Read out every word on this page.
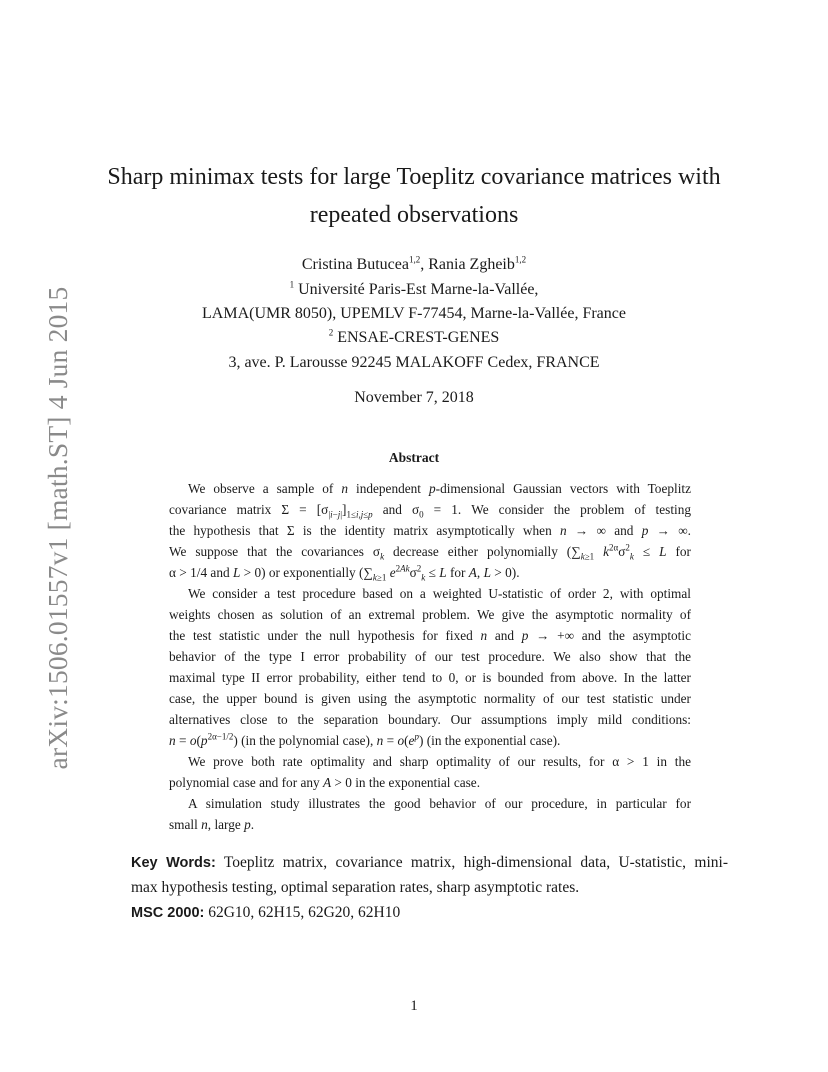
arXiv:1506.01557v1 [math.ST] 4 Jun 2015
Sharp minimax tests for large Toeplitz covariance matrices with
repeated observations
Cristina Butucea$^{1,2}$, Rania Zgheib$^{1,2}$
$^1$ Université Paris-Est Marne-la-Vallée,
LAMA(UMR 8050), UPEMLV F-77454, Marne-la-Vallée, France
$^2$ ENSAE-CREST-GENES
3, ave. P. Larousse 92245 MALAKOFF Cedex, FRANCE
November 7, 2018
Abstract
We observe a sample of n independent p-dimensional Gaussian vectors with Toeplitz
covariance matrix $\Sigma = [\sigma_{|i-j|}]_{1\le i,j\le p}$ and $\sigma_0 = 1$. We consider the problem of testing
the hypothesis that Σ is the identity matrix asymptotically when n → ∞ and p → ∞.
We suppose that the covariances $\sigma_k$ decrease either polynomially ($\sum_{k\ge 1}$ $k^{2\alpha}\sigma^2_k \le L$ for
α > 1/4 and L > 0) or exponentially ($\sum_{k\ge 1}$ $e^{2Ak}\sigma^2_k \le L$ for A, L > 0).
We consider a test procedure based on a weighted U-statistic of order 2, with optimal
weights chosen as solution of an extremal problem. We give the asymptotic normality of
the test statistic under the null hypothesis for fixed n and p → +∞ and the asymptotic
behavior of the type I error probability of our test procedure. We also show that the
maximal type II error probability, either tend to 0, or is bounded from above. In the latter
case, the upper bound is given using the asymptotic normality of our test statistic under
alternatives close to the separation boundary. Our assumptions imply mild conditions:
$n = o(p^{2\alpha-1/2})$ (in the polynomial case), $n = o(e^p)$ (in the exponential case).
We prove both rate optimality and sharp optimality of our results, for α > 1 in the
polynomial case and for any A > 0 in the exponential case.
A simulation study illustrates the good behavior of our procedure, in particular for
small n, large p.
Key Words: Toeplitz matrix, covariance matrix, high-dimensional data, U-statistic, mini-
max hypothesis testing, optimal separation rates, sharp asymptotic rates.
MSC 2000: 62G10, 62H15, 62G20, 62H10
1
